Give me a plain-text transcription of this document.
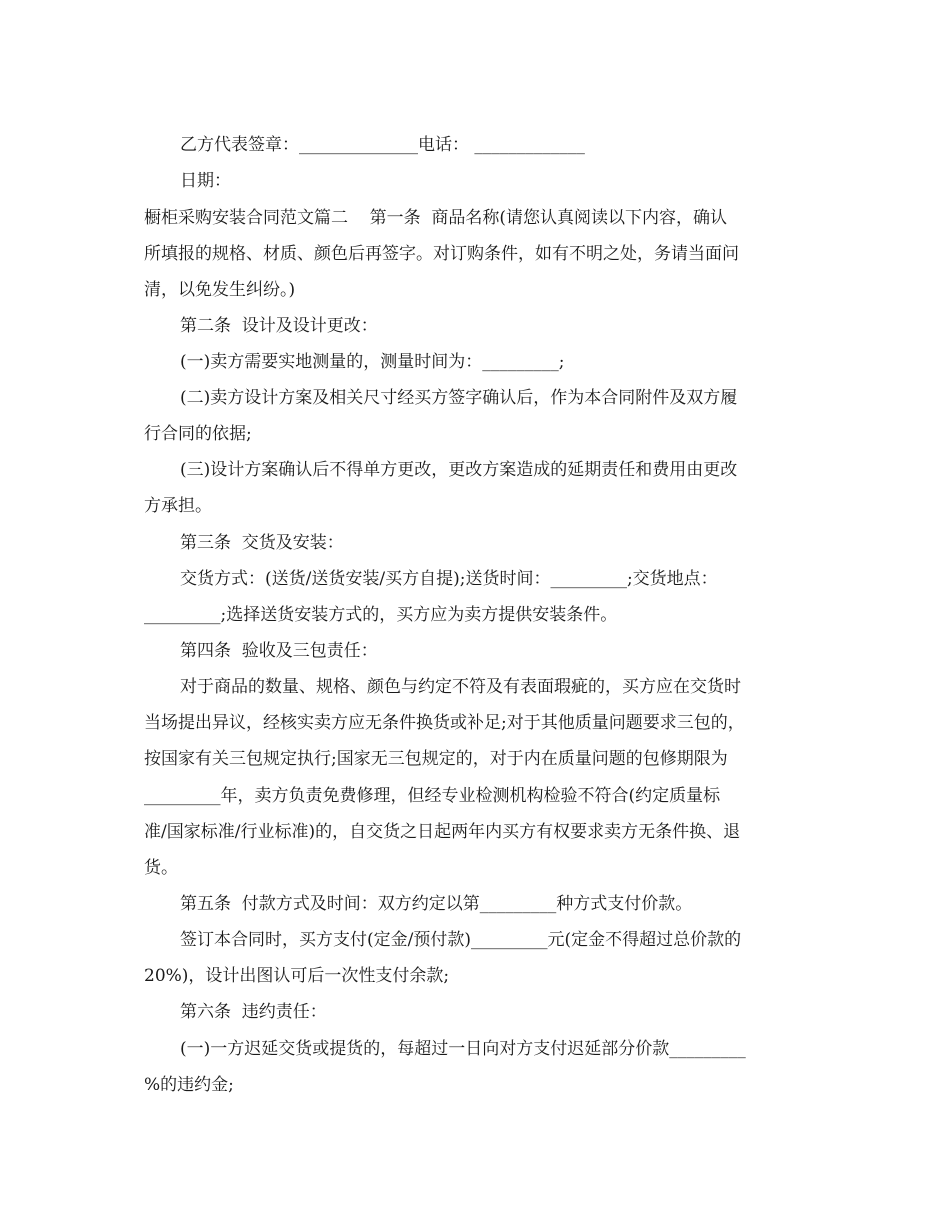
乙方代表签章：______________电话： _____________

日期：

橱柜采购安装合同范文篇二    第一条  商品名称(请您认真阅读以下内容，确认

所填报的规格、材质、颜色后再签字。对订购条件，如有不明之处，务请当面问

清，以免发生纠纷。)

第二条  设计及设计更改：

(一)卖方需要实地测量的，测量时间为：_________;

(二)卖方设计方案及相关尺寸经买方签字确认后，作为本合同附件及双方履

行合同的依据;

(三)设计方案确认后不得单方更改，更改方案造成的延期责任和费用由更改

方承担。

第三条  交货及安装：

交货方式：(送货/送货安装/买方自提);送货时间：_________;交货地点：

_________;选择送货安装方式的，买方应为卖方提供安装条件。

第四条  验收及三包责任：

对于商品的数量、规格、颜色与约定不符及有表面瑕疵的，买方应在交货时

当场提出异议，经核实卖方应无条件换货或补足;对于其他质量问题要求三包的，

按国家有关三包规定执行;国家无三包规定的，对于内在质量问题的包修期限为

_________年，卖方负责免费修理，但经专业检测机构检验不符合(约定质量标

准/国家标准/行业标准)的，自交货之日起两年内买方有权要求卖方无条件换、退

货。

第五条  付款方式及时间：双方约定以第_________种方式支付价款。

签订本合同时，买方支付(定金/预付款)_________元(定金不得超过总价款的

20%)，设计出图认可后一次性支付余款;

第六条  违约责任：

(一)一方迟延交货或提货的，每超过一日向对方支付迟延部分价款_________

%的违约金;
